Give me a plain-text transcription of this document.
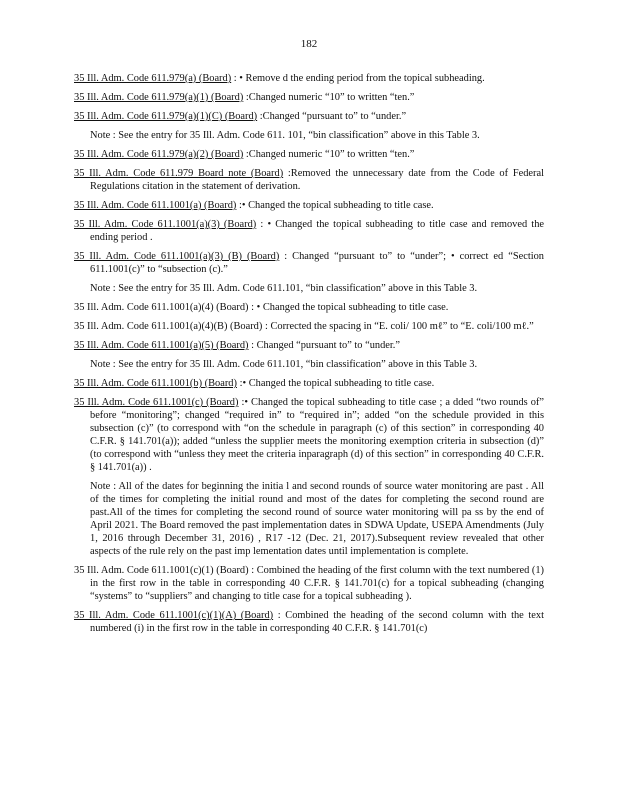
182

35 Ill. Adm. Code 611.979(a) (Board) : • Remove d the ending period from the topical subheading.

35 Ill. Adm. Code 611.979(a)(1) (Board) :Changed numeric “10” to written “ten.”

35 Ill. Adm. Code 611.979(a)(1)(C) (Board) :Changed “pursuant to” to “under.”

Note : See the entry for 35 Ill. Adm. Code 611. 101, “bin classification” above in this Table 3.

35 Ill. Adm. Code 611.979(a)(2) (Board) :Changed numeric “10” to written “ten.”

35 Ill. Adm. Code 611.979 Board note (Board) :Removed the unnecessary date from the Code of Federal Regulations citation in the statement of derivation.

35 Ill. Adm. Code 611.1001(a) (Board) :• Changed the topical subheading to title case.

35 Ill. Adm. Code 611.1001(a)(3) (Board) : • Changed the topical subheading to title case and removed the ending period .

35 Ill. Adm. Code 611.1001(a)(3) (B) (Board) : Changed “pursuant to” to “under”; • correct ed “Section 611.1001(c)” to “subsection (c).”

Note : See the entry for 35 Ill. Adm. Code 611.101, “bin classification” above in this Table 3.

35 Ill. Adm. Code 611.1001(a)(4) (Board) : • Changed the topical subheading to title case.

35 Ill. Adm. Code 611.1001(a)(4)(B) (Board) : Corrected the spacing in “E. coli/ 100 mℓ” to “E. coli/100 mℓ.”

35 Ill. Adm. Code 611.1001(a)(5) (Board) : Changed “pursuant to” to “under.”

Note : See the entry for 35 Ill. Adm. Code 611.101, “bin classification” above in this Table 3.

35 Ill. Adm. Code 611.1001(b) (Board) :• Changed the topical subheading to title case.

35 Ill. Adm. Code 611.1001(c) (Board) :• Changed the topical subheading to title case ; a dded “two rounds of” before “monitoring”; changed “required in” to “required in”; added “on the schedule provided in this subsection (c)” (to correspond with “on the schedule in paragraph (c) of this section” in corresponding 40 C.F.R. § 141.701(a)); added “unless the supplier meets the monitoring exemption criteria in subsection (d)” (to correspond with “unless they meet the criteria inparagraph (d) of this section” in corresponding 40 C.F.R. § 141.701(a)) .

Note : All of the dates for beginning the initia l and second rounds of source water monitoring are past . All of the times for completing the initial round and most of the dates for completing the second round are past.All of the times for completing the second round of source water monitoring will pa ss by the end of April 2021. The Board removed the past implementation dates in SDWA Update, USEPA Amendments (July 1, 2016 through December 31, 2016) , R17 -12 (Dec. 21, 2017).Subsequent review revealed that other aspects of the rule rely on the past imp lementation dates until implementation is complete.

35 Ill. Adm. Code 611.1001(c)(1) (Board) : Combined the heading of the first column with the text numbered (1) in the first row in the table in corresponding 40 C.F.R. § 141.701(c) for a topical subheading (changing “systems” to “suppliers” and changing to title case for a topical subheading ).

35 Ill. Adm. Code 611.1001(c)(1)(A) (Board) : Combined the heading of the second column with the text numbered (i) in the first row in the table in corresponding 40 C.F.R. § 141.701(c)
